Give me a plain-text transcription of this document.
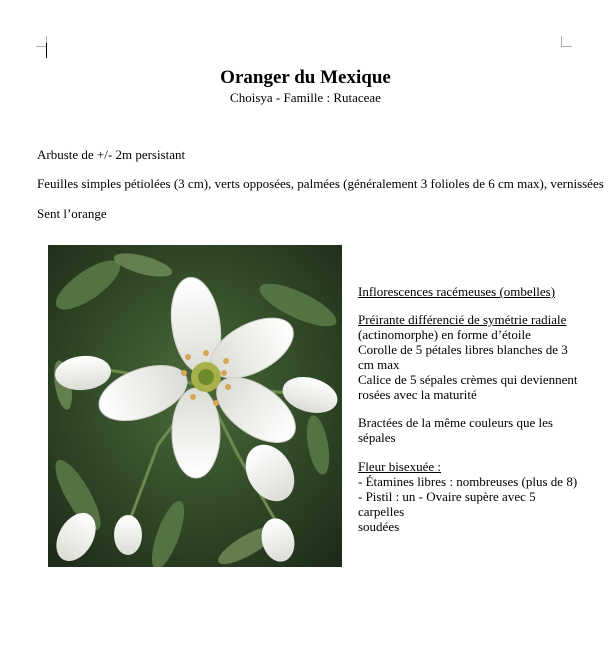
Oranger du Mexique
Choisya - Famille : Rutaceae
Arbuste de +/- 2m persistant
Feuilles simples pétiolées (3 cm), verts opposées, palmées (généralement 3 folioles de 6 cm max), vernissées
Sent l’orange
Inflorescences racémeuses (ombelles)
Préirante différencié de symétrie radiale
(actinomorphe) en forme d’étoile
Corolle de 5 pétales libres blanches de 3
cm max
Calice de 5 sépales crèmes qui deviennent
rosées avec la maturité
Bractées de la même couleurs que les
sépales
Fleur bisexuée :
- Étamines libres : nombreuses (plus de 8)
- Pistil : un - Ovaire supère avec 5 carpelles
soudées
